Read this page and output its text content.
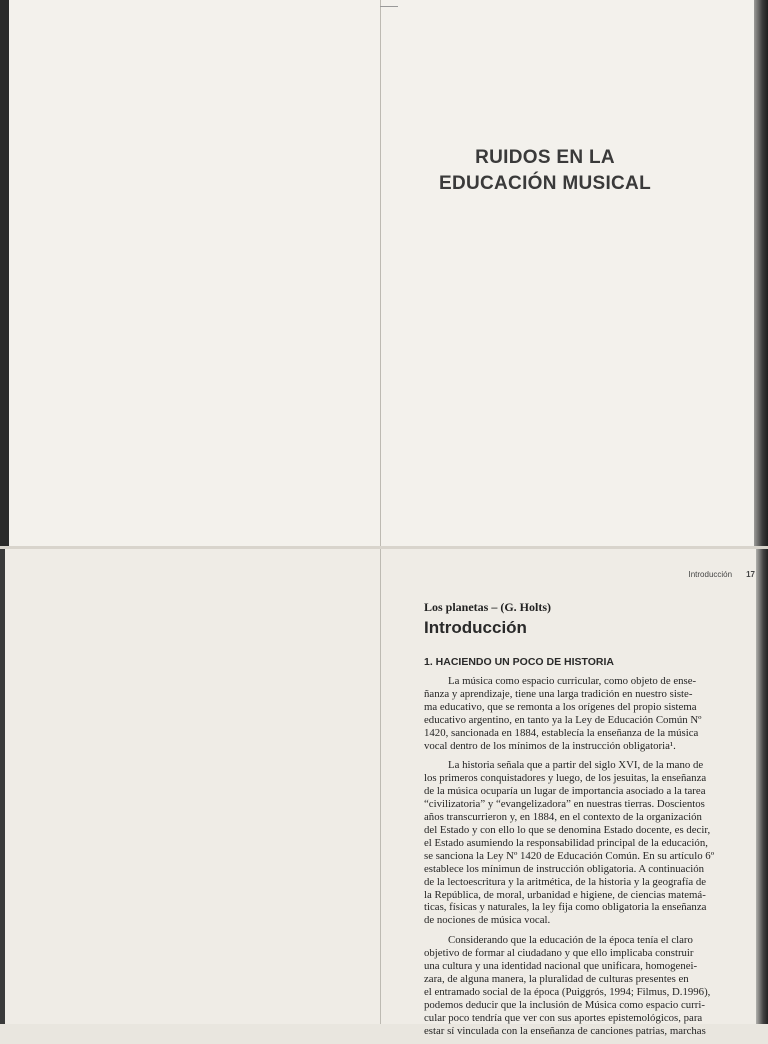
RUIDOS EN LA
EDUCACIÓN MUSICAL
Introducción 17
Los planetas – (G. Holts)
Introducción
1. HACIENDO UN POCO DE HISTORIA
La música como espacio curricular, como objeto de ense-
ñanza y aprendizaje, tiene una larga tradición en nuestro siste-
ma educativo, que se remonta a los orígenes del propio sistema
educativo argentino, en tanto ya la Ley de Educación Común Nº
1420, sancionada en 1884, establecía la enseñanza de la música
vocal dentro de los mínimos de la instrucción obligatoria¹.
La historia señala que a partir del siglo XVI, de la mano de
los primeros conquistadores y luego, de los jesuitas, la enseñanza
de la música ocuparía un lugar de importancia asociado a la tarea
“civilizatoria” y “evangelizadora” en nuestras tierras. Doscientos
años transcurrieron y, en 1884, en el contexto de la organización
del Estado y con ello lo que se denomina Estado docente, es decir,
el Estado asumiendo la responsabilidad principal de la educación,
se sanciona la Ley Nº 1420 de Educación Común. En su artículo 6º
establece los mínimun de instrucción obligatoria. A continuación
de la lectoescritura y la aritmética, de la historia y la geografía de
la República, de moral, urbanidad e higiene, de ciencias matemá-
ticas, físicas y naturales, la ley fija como obligatoria la enseñanza
de nociones de música vocal.
Considerando que la educación de la época tenía el claro
objetivo de formar al ciudadano y que ello implicaba construir
una cultura y una identidad nacional que unificara, homogenei-
zara, de alguna manera, la pluralidad de culturas presentes en
el entramado social de la época (Puiggrós, 1994; Filmus, D.1996),
podemos deducir que la inclusión de Música como espacio curri-
cular poco tendría que ver con sus aportes epistemológicos, para
estar sí vinculada con la enseñanza de canciones patrias, marchas
